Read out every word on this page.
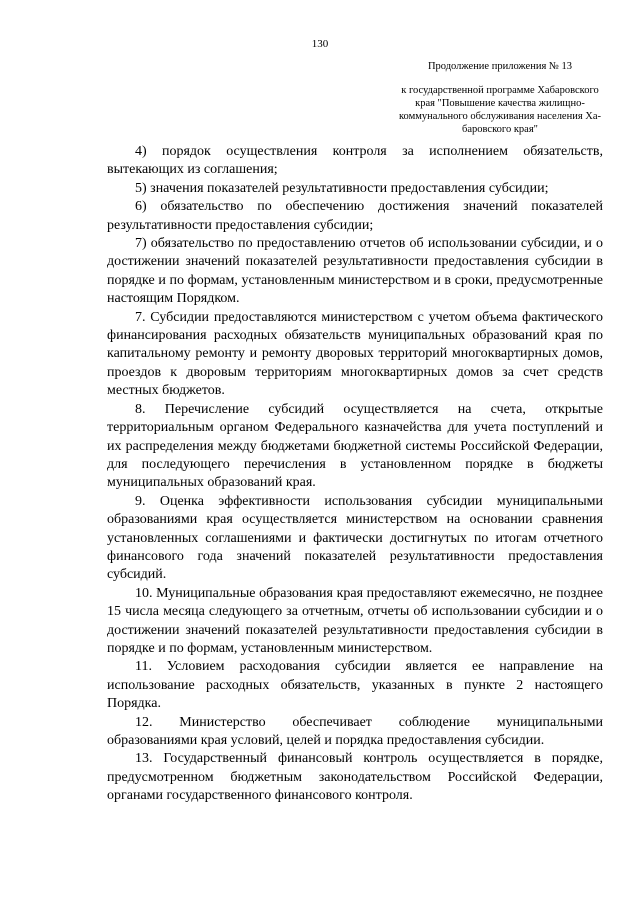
130
Продолжение приложения № 13
к государственной программе Хабаровского
края "Повышение качества жилищно-
коммунального обслуживания населения Ха-
баровского края"

4) порядок осуществления контроля за исполнением обязательств, вытекающих из соглашения;

5) значения показателей результативности предоставления субсидии;

6) обязательство по обеспечению достижения значений показателей результативности предоставления субсидии;

7) обязательство по предоставлению отчетов об использовании субсидии, и о достижении значений показателей результативности предоставления субсидии в порядке и по формам, установленным министерством и в сроки, предусмотренные настоящим Порядком.

7. Субсидии предоставляются министерством с учетом объема фактического финансирования расходных обязательств муниципальных образований края по капитальному ремонту и ремонту дворовых территорий многоквартирных домов, проездов к дворовым территориям многоквартирных домов за счет средств местных бюджетов.

8. Перечисление субсидий осуществляется на счета, открытые территориальным органом Федерального казначейства для учета поступлений и их распределения между бюджетами бюджетной системы Российской Федерации, для последующего перечисления в установленном порядке в бюджеты муниципальных образований края.

9. Оценка эффективности использования субсидии муниципальными образованиями края осуществляется министерством на основании сравнения установленных соглашениями и фактически достигнутых по итогам отчетного финансового года значений показателей результативности предоставления субсидий.

10. Муниципальные образования края предоставляют ежемесячно, не позднее 15 числа месяца следующего за отчетным, отчеты об использовании субсидии и о достижении значений показателей результативности предоставления субсидии в порядке и по формам, установленным министерством.

11. Условием расходования субсидии является ее направление на использование расходных обязательств, указанных в пункте 2 настоящего Порядка.

12. Министерство обеспечивает соблюдение муниципальными образованиями края условий, целей и порядка предоставления субсидии.

13. Государственный финансовый контроль осуществляется в порядке, предусмотренном бюджетным законодательством Российской Федерации, органами государственного финансового контроля.
